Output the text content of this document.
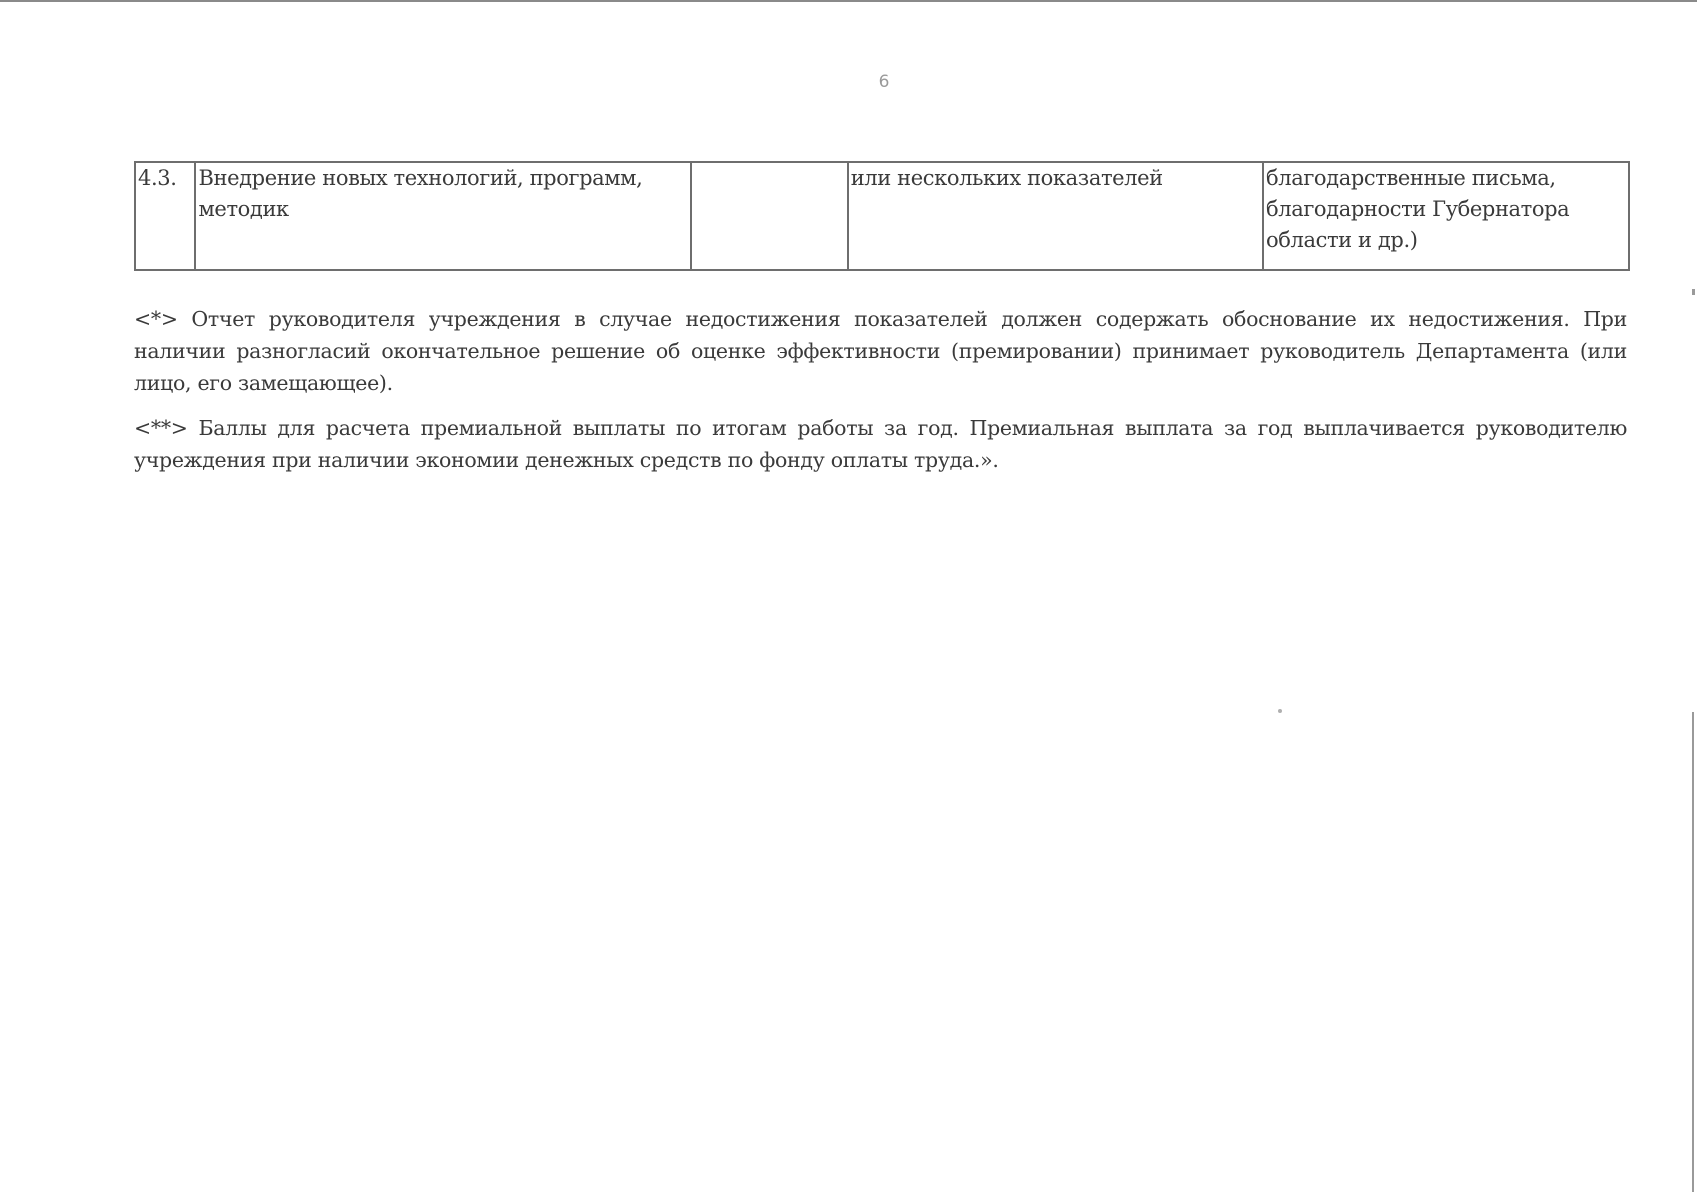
6
4.3.	Внедрение новых технологий, программ, методик		или нескольких показателей	благодарственные письма, благодарности Губернатора области и др.)

<*> Отчет руководителя учреждения в случае недостижения показателей должен содержать обоснование их недостижения. При наличии разногласий окончательное решение об оценке эффективности (премировании) принимает руководитель Департамента (или лицо, его замещающее).

<**> Баллы для расчета премиальной выплаты по итогам работы за год. Премиальная выплата за год выплачивается руководителю учреждения при наличии экономии денежных средств по фонду оплаты труда.».
